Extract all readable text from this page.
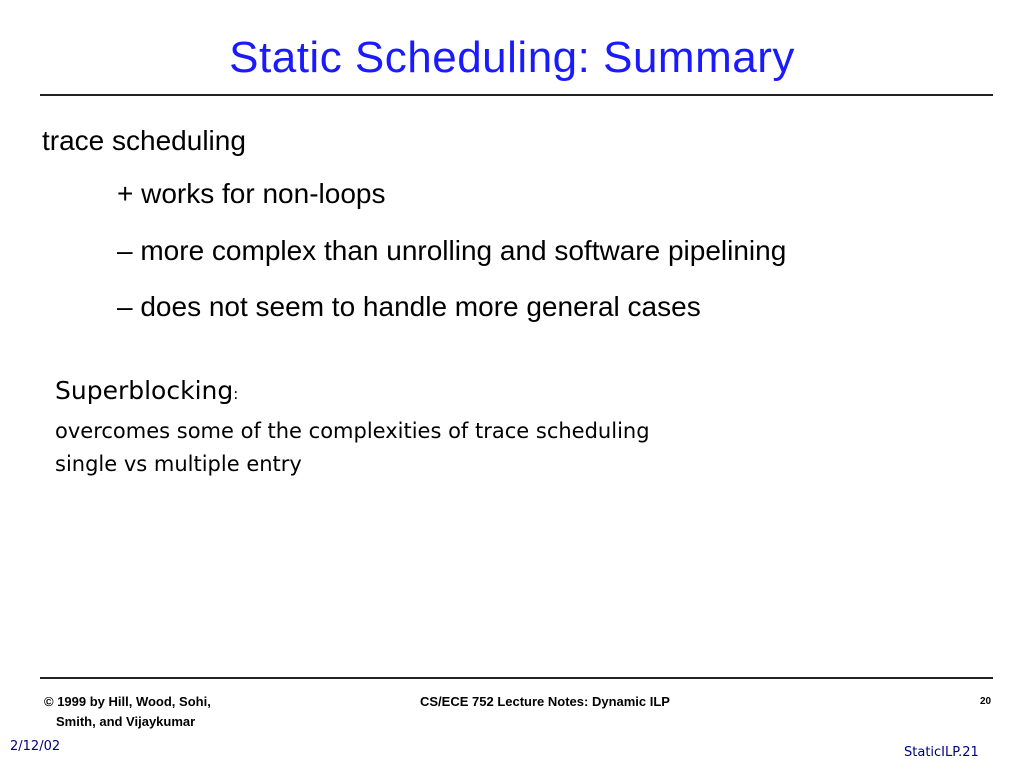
Static Scheduling: Summary
trace scheduling
+ works for non-loops
– more complex than unrolling and software pipelining
– does not seem to handle more general cases
Superblocking:
overcomes some of the complexities of trace scheduling
single vs multiple entry
© 1999 by Hill, Wood, Sohi,
Smith, and Vijaykumar
CS/ECE 752 Lecture Notes: Dynamic ILP	20
2/12/02	StaticILP.21
